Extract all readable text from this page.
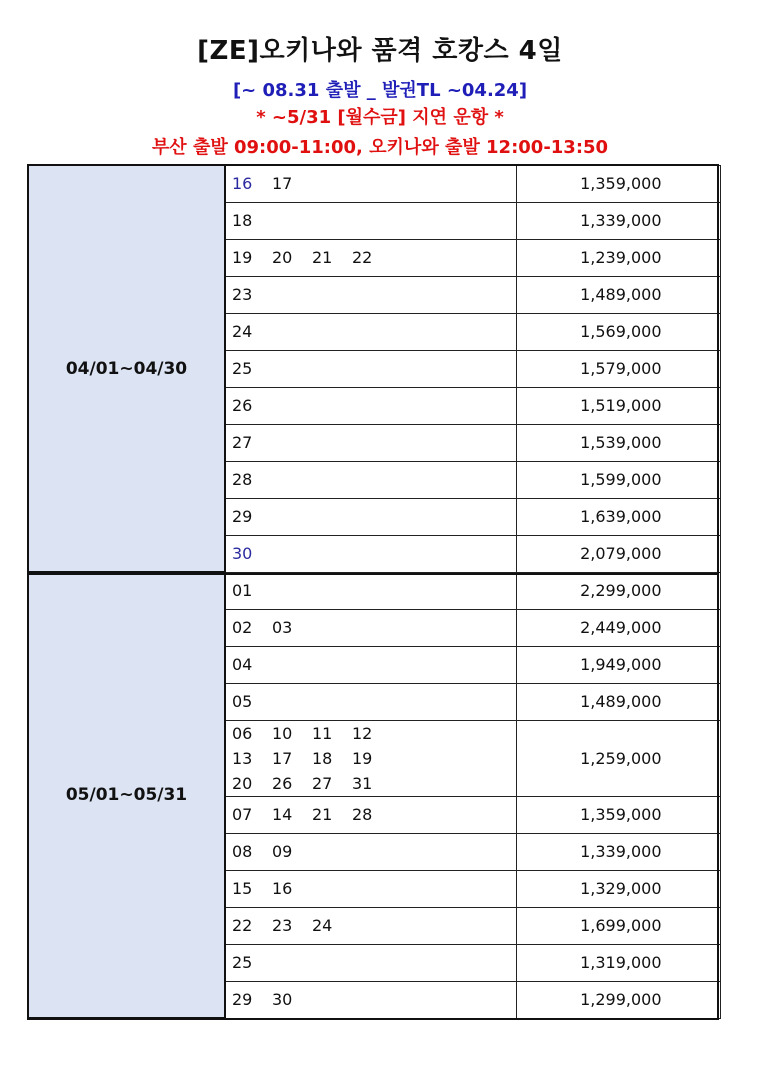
[ZE]오키나와 품격 호캉스 4일
[~ 08.31 출발 _ 발권TL ~04.24]
* ~5/31 [월수금] 지연 운항 *
부산 출발 09:00-11:00, 오키나와 출발 12:00-13:50
04/01~04/30	16 17	1,359,000
	18	1,339,000
	19 20 21 22	1,239,000
	23	1,489,000
	24	1,569,000
	25	1,579,000
	26	1,519,000
	27	1,539,000
	28	1,599,000
	29	1,639,000
	30	2,079,000
05/01~05/31	01	2,299,000
	02 03	2,449,000
	04	1,949,000
	05	1,489,000

	06 10 11 12
13 17 18 19
20 26 27 31	1,259,000
	07 14 21 28	1,359,000
	08 09	1,339,000
	15 16	1,329,000
	22 23 24	1,699,000
	25	1,319,000
	29 30	1,299,000
